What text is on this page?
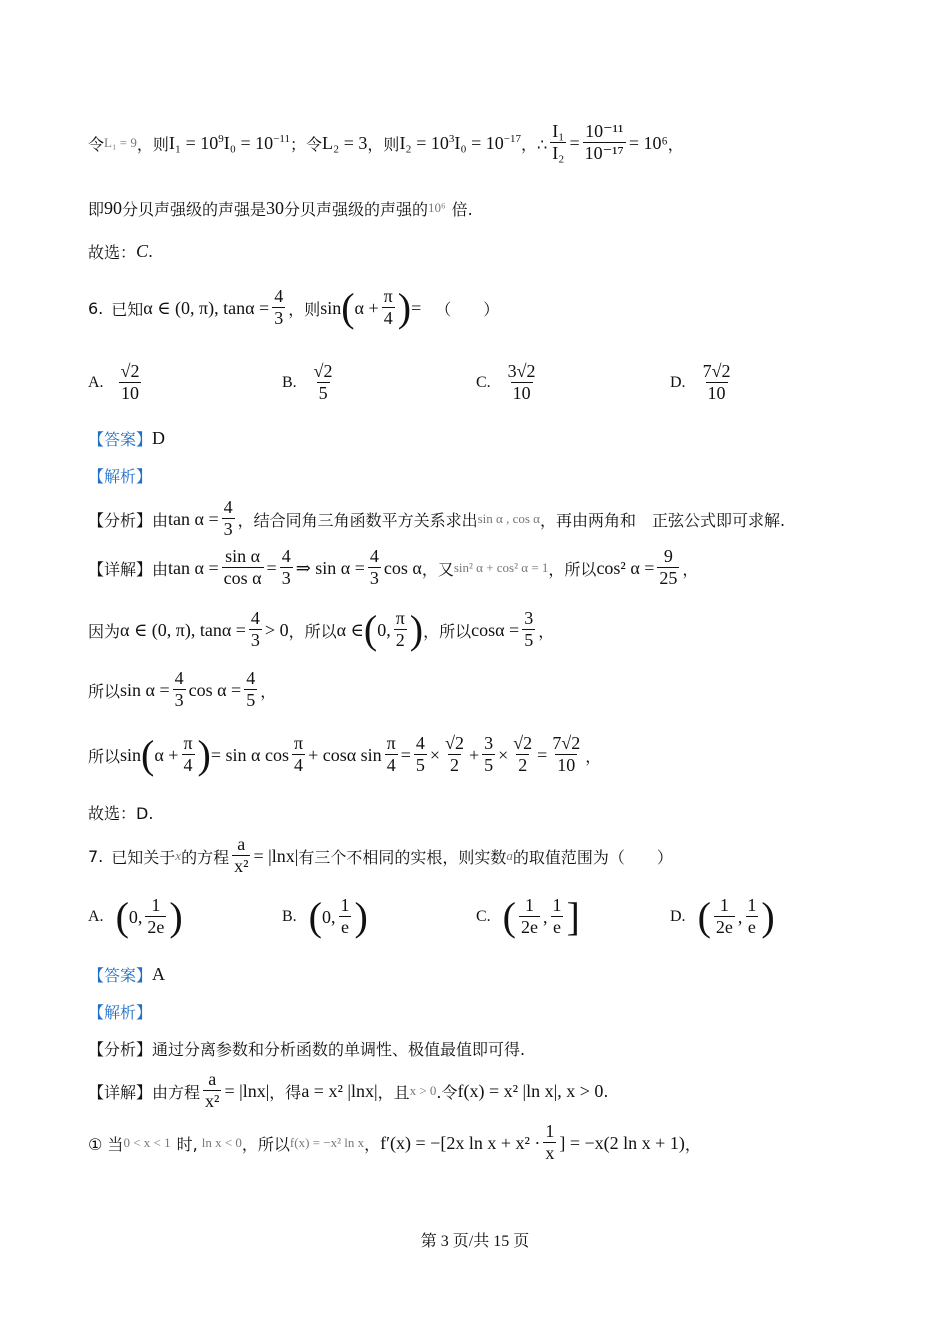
令 L₁ = 9 ，则 $I_1 = 10^9I_0 = 10^{-11}$ ；令 L₂ = 3 ，则 $I_2 = 10^3I_0 = 10^{-17}$ ，∴ $\frac{\text{I₁}}{\text{I₂}} = \frac{\text{10⁻¹¹}}{\text{10⁻¹⁷}} = 10^6$ ，
即 90 分贝声强级的声强是 30 分贝声强级的声强的 10⁶ 倍.
故选： C .
6. 已知 α ∈ (0, π), $\tan\alpha = \frac{4}{3}$ ，则 sin ( $\alpha + \frac{\pi}{4}$ ) = （　　）
A. $\frac{√2}{10}$	B. $\frac{√2}{5}$	C. $\frac{3√2}{10}$	D. $\frac{7√2}{10}$
【答案】 D
【解析】
【分析】 由 $\tan \alpha = \frac{4}{3}$ ，结合同角三角函数平方关系求出 sin α , cos α ，再由两角和　正弦公式即可求解.
【详解】 由 $\tan \alpha = \frac{\text{sin α}}{\text{cos α}} = \frac{4}{3}$ ⇒ $\sin \alpha = \frac{4}{3}$ cos α ，又 sin² α + cos² α = 1 ，所以 cos² $\alpha = \frac{9}{25}$ ，
因为 α ∈ (0, π), $\tan\alpha = \frac{4}{3} > 0$ ，所以 α ∈ ( 0, $\frac{\pi}{2}$ ) ，所以 $\cos\alpha = \frac{3}{5}$ ，
所以 $\sin \alpha = \frac{4}{3}$ $\cos \alpha = \frac{4}{5}$ ，
所以 sin ( $\alpha + \frac{\pi}{4}$ ) = sin α $\cos \frac{\pi}{4} + \cos\alpha$ $\sin \frac{\pi}{4} = \frac{4}{5} \times \frac{√2}{2} + \frac{3}{5} \times \frac{√2}{2} = \frac{7√2}{10}$ ，
故选：D.
7. 已知关于 x 的方程 $\frac{a}{\text{x²}} = |\ln x|$ 有三个不相同的实根，则实数 a 的取值范围为（　　）
A. ( 0, $\frac{1}{2e}$ )	B. ( 0, $\frac{1}{e}$ )	C. ( $\frac{1}{2e}$ , $\frac{1}{e}$ ]	D. ( $\frac{1}{2e}$ , $\frac{1}{e}$ )
【答案】 A
【解析】
【分析】 通过分离参数和分析函数的单调性、极值最值即可得.
【详解】 由方程 $\frac{a}{\text{x²}} = |\ln x|$ ，得 a = x² |lnx| ，且 x > 0 .令 f(x) = x² |ln x|, x > 0 .
① 当 0 < x < 1 时, ln x < 0 ，所以 f(x) = −x² ln x ， f′(x) = −[2x $\ln x + x^2 \cdot \frac{1}{x}$ ] = −x(2 ln x + 1) ，
第 3 页/共 15 页
